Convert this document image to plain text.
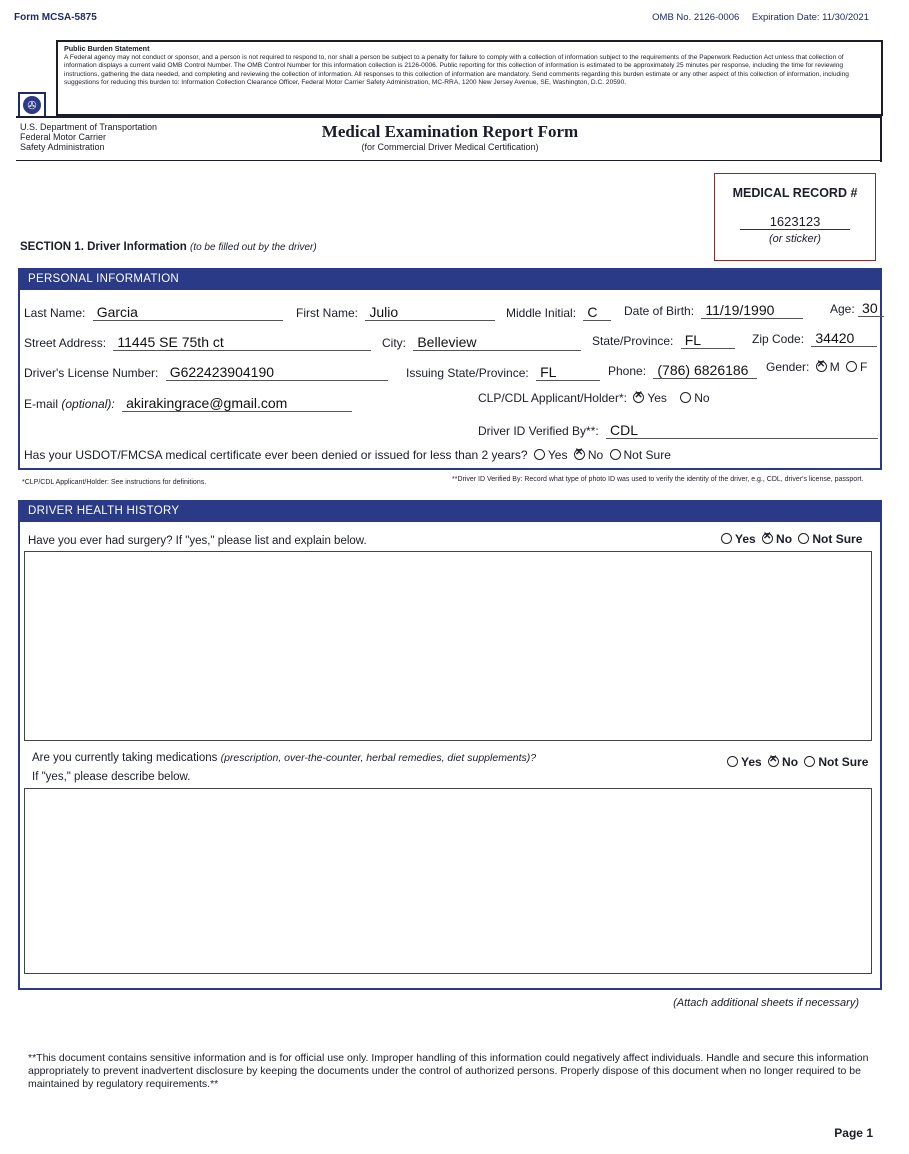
Form MCSA-5875	OMB No. 2126-0006 Expiration Date: 11/30/2021
Public Burden Statement
A Federal agency may not conduct or sponsor, and a person is not required to respond to, nor shall a person be subject to a penalty for failure to comply with a collection of information subject to the requirements of the Paperwork Reduction Act unless that collection of information displays a current valid OMB Control Number. The OMB Control Number for this information collection is 2126-0006. Public reporting for this collection of information is estimated to be approximately 25 minutes per response, including the time for reviewing instructions, gathering the data needed, and completing and reviewing the collection of information. All responses to this collection of information are mandatory. Send comments regarding this burden estimate or any other aspect of this collection of information, including suggestions for reducing this burden to: Information Collection Clearance Officer, Federal Motor Carrier Safety Administration, MC-RRA, 1200 New Jersey Avenue, SE, Washington, D.C. 20590.
✇
U.S. Department of Transportation
Federal Motor Carrier
Safety Administration
Medical Examination Report Form
(for Commercial Driver Medical Certification)
MEDICAL RECORD #
1623123
(or sticker)
SECTION 1. Driver Information (to be filled out by the driver)
PERSONAL INFORMATION
Last Name: Garcia	First Name: Julio	Middle Initial: C	Date of Birth: 11/19/1990	Age: 30
Street Address: 11445 SE 75th ct	City: Belleview	State/Province: FL	Zip Code: 34420
Driver's License Number: G622423904190	Issuing State/Province: FL	Phone: (786) 6826186	Gender: ✕ M F
E-mail (optional): akirakingrace@gmail.com	CLP/CDL Applicant/Holder*: ✕ Yes No
Driver ID Verified By**: CDL
Has your USDOT/FMCSA medical certificate ever been denied or issued for less than 2 years? Yes ✕ No Not Sure
*CLP/CDL Applicant/Holder: See instructions for definitions.	**Driver ID Verified By: Record what type of photo ID was used to verify the identity of the driver, e.g., CDL, driver's license, passport.
DRIVER HEALTH HISTORY
Have you ever had surgery? If "yes," please list and explain below.	Yes ✕ No Not Sure
Are you currently taking medications (prescription, over-the-counter, herbal remedies, diet supplements)?
If "yes," please describe below.
Yes ✕ No Not Sure
(Attach additional sheets if necessary)
**This document contains sensitive information and is for official use only. Improper handling of this information could negatively affect individuals. Handle and secure this information appropriately to prevent inadvertent disclosure by keeping the documents under the control of authorized persons. Properly dispose of this document when no longer required to be maintained by regulatory requirements.**
Page 1
